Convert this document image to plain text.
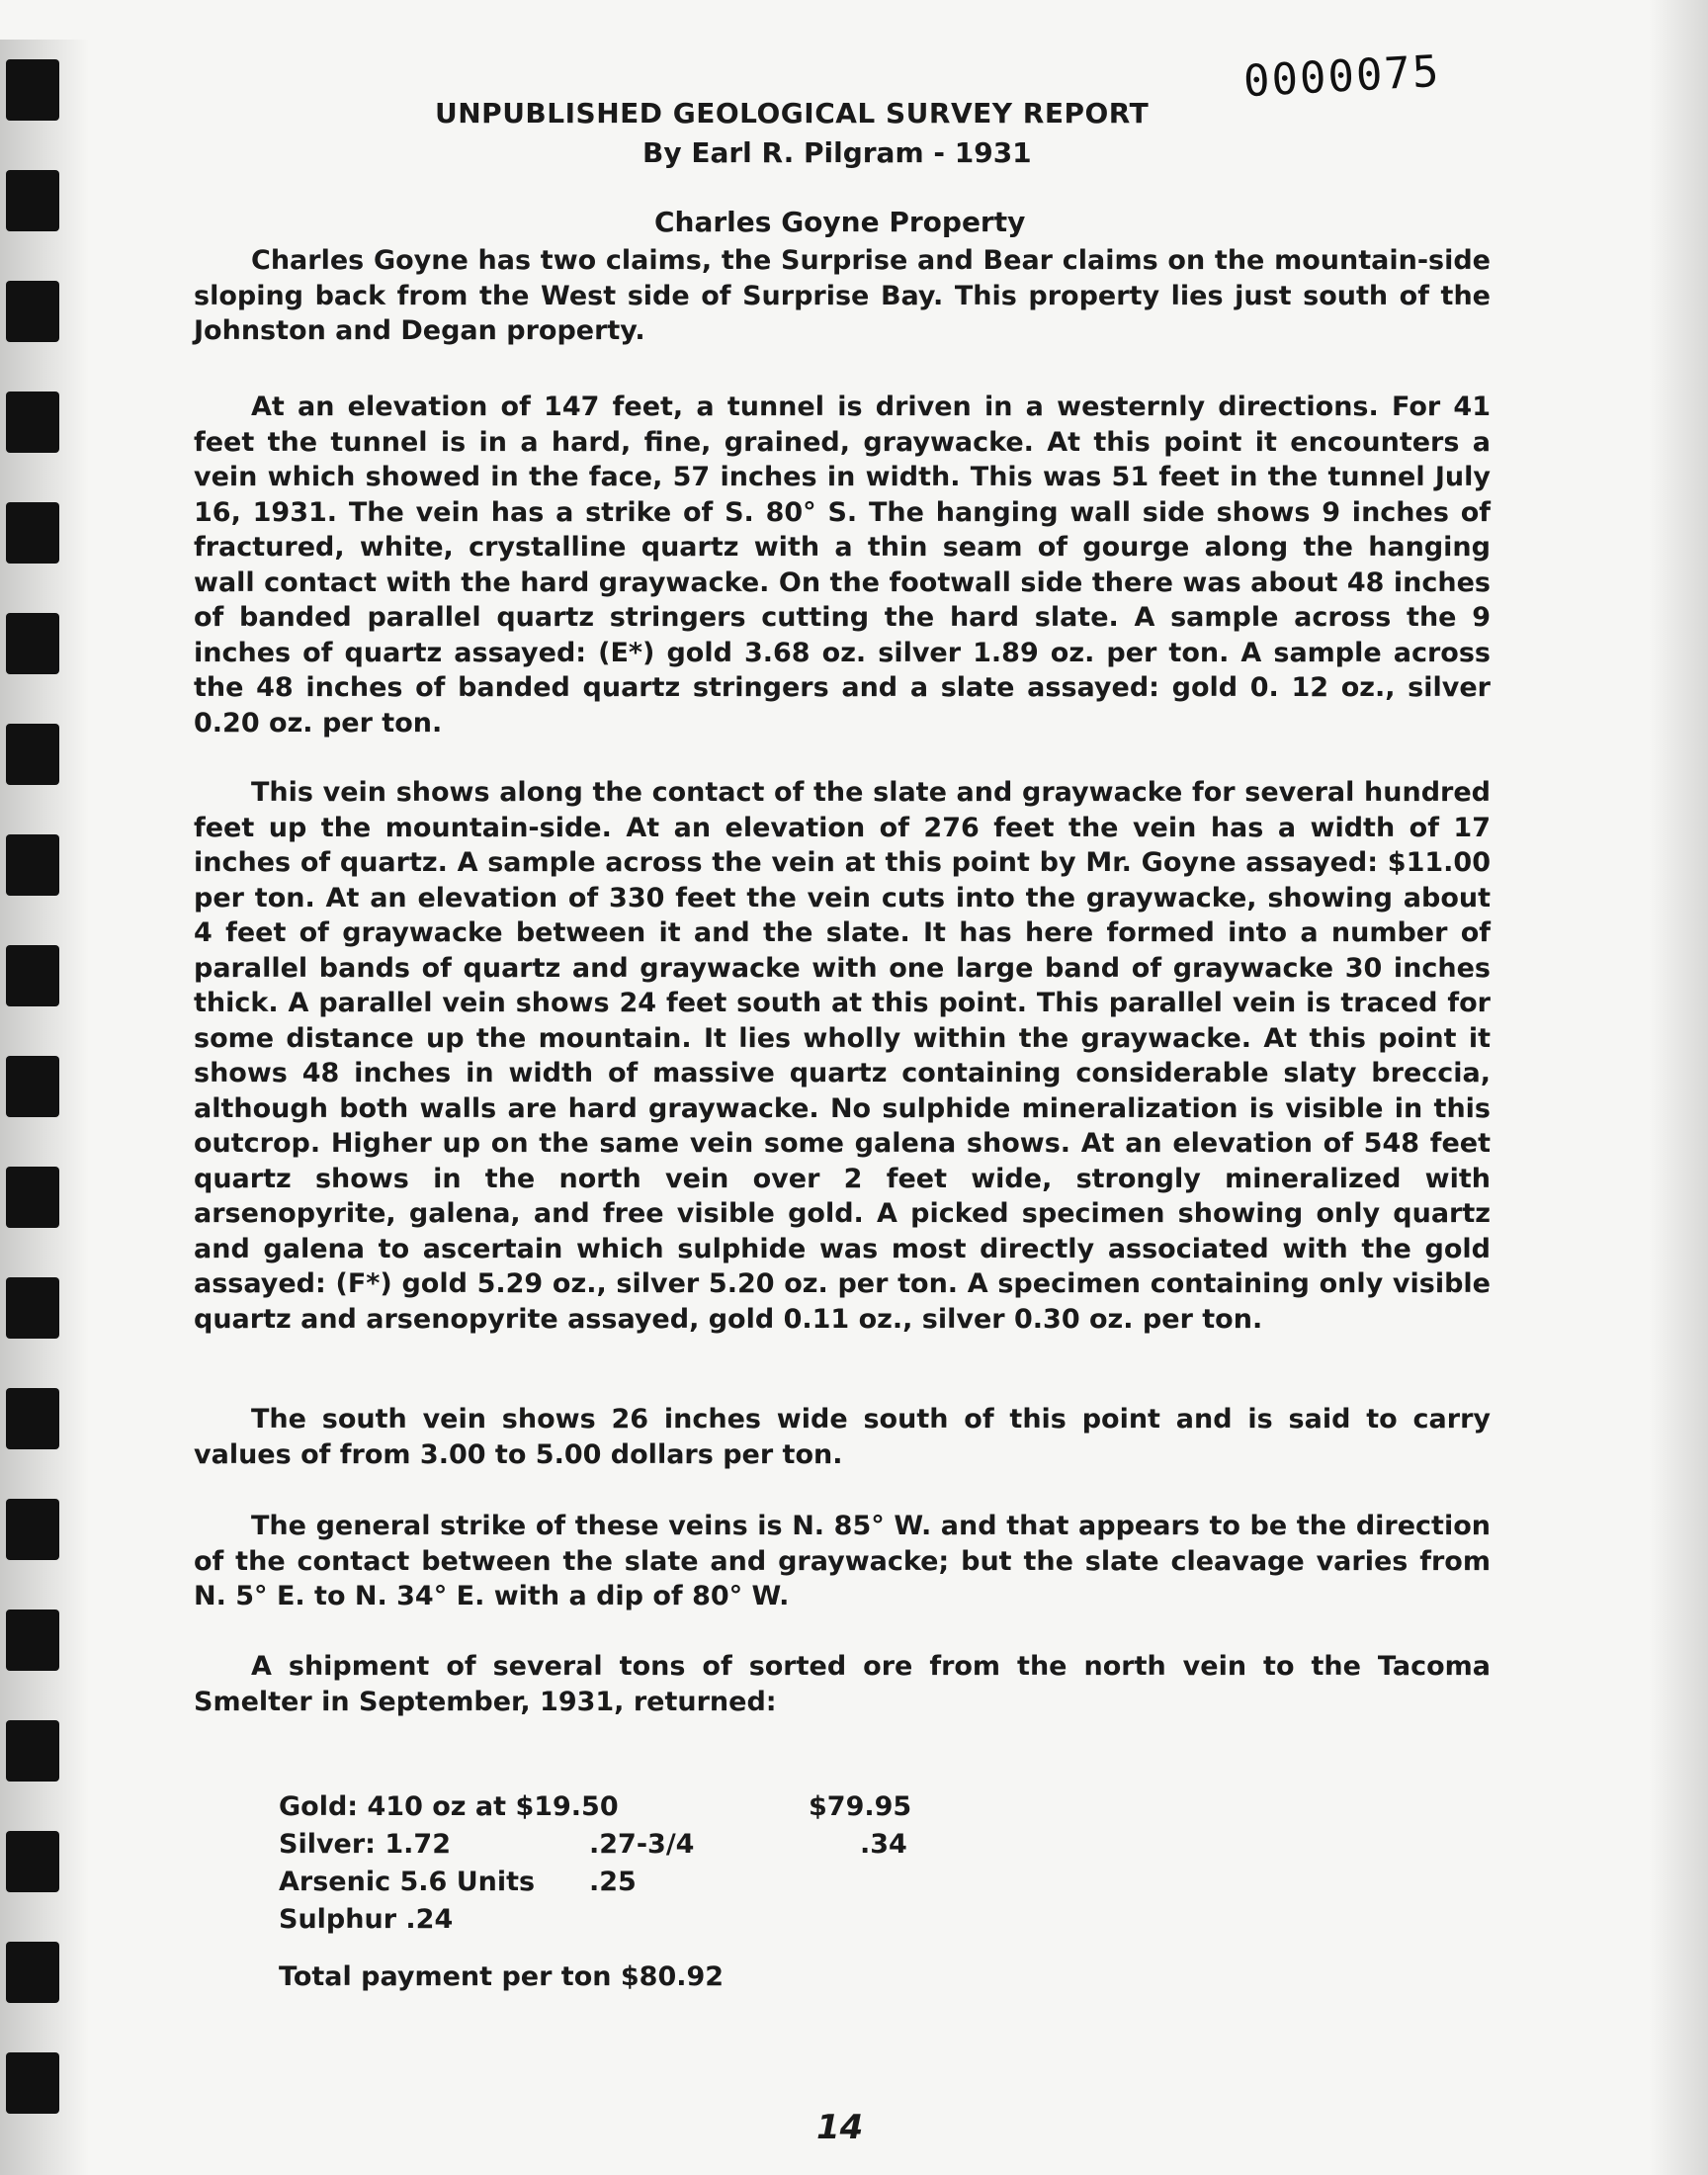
0000075
UNPUBLISHED GEOLOGICAL SURVEY REPORT
By Earl R. Pilgram - 1931
Charles Goyne Property
Charles Goyne has two claims, the Surprise and Bear claims on the mountain-side sloping back from the West side of Surprise Bay. This property lies just south of the Johnston and Degan property.
At an elevation of 147 feet, a tunnel is driven in a westernly directions. For 41 feet the tunnel is in a hard, fine, grained, graywacke. At this point it encounters a vein which showed in the face, 57 inches in width. This was 51 feet in the tunnel July 16, 1931. The vein has a strike of S. 80° S. The hanging wall side shows 9 inches of fractured, white, crystalline quartz with a thin seam of gourge along the hanging wall contact with the hard graywacke. On the footwall side there was about 48 inches of banded parallel quartz stringers cutting the hard slate. A sample across the 9 inches of quartz assayed: (E*) gold 3.68 oz. silver 1.89 oz. per ton. A sample across the 48 inches of banded quartz stringers and a slate assayed: gold 0. 12 oz., silver 0.20 oz. per ton.
This vein shows along the contact of the slate and graywacke for several hundred feet up the mountain-side. At an elevation of 276 feet the vein has a width of 17 inches of quartz. A sample across the vein at this point by Mr. Goyne assayed: $11.00 per ton. At an elevation of 330 feet the vein cuts into the graywacke, showing about 4 feet of graywacke between it and the slate. It has here formed into a number of parallel bands of quartz and graywacke with one large band of graywacke 30 inches thick. A parallel vein shows 24 feet south at this point. This parallel vein is traced for some distance up the mountain. It lies wholly within the graywacke. At this point it shows 48 inches in width of massive quartz containing considerable slaty breccia, although both walls are hard graywacke. No sulphide mineralization is visible in this outcrop. Higher up on the same vein some galena shows. At an elevation of 548 feet quartz shows in the north vein over 2 feet wide, strongly mineralized with arsenopyrite, galena, and free visible gold. A picked specimen showing only quartz and galena to ascertain which sulphide was most directly associated with the gold assayed: (F*) gold 5.29 oz., silver 5.20 oz. per ton. A specimen containing only visible quartz and arsenopyrite assayed, gold 0.11 oz., silver 0.30 oz. per ton.
The south vein shows 26 inches wide south of this point and is said to carry values of from 3.00 to 5.00 dollars per ton.
The general strike of these veins is N. 85° W. and that appears to be the direction of the contact between the slate and graywacke; but the slate cleavage varies from N. 5° E. to N. 34° E. with a dip of 80° W.
A shipment of several tons of sorted ore from the north vein to the Tacoma Smelter in September, 1931, returned:
Gold: 410 oz at $19.50	$79.95
Silver: 1.72	.27-3/4	.34
Arsenic 5.6 Units .25
Sulphur .24
Total payment per ton $80.92
14
